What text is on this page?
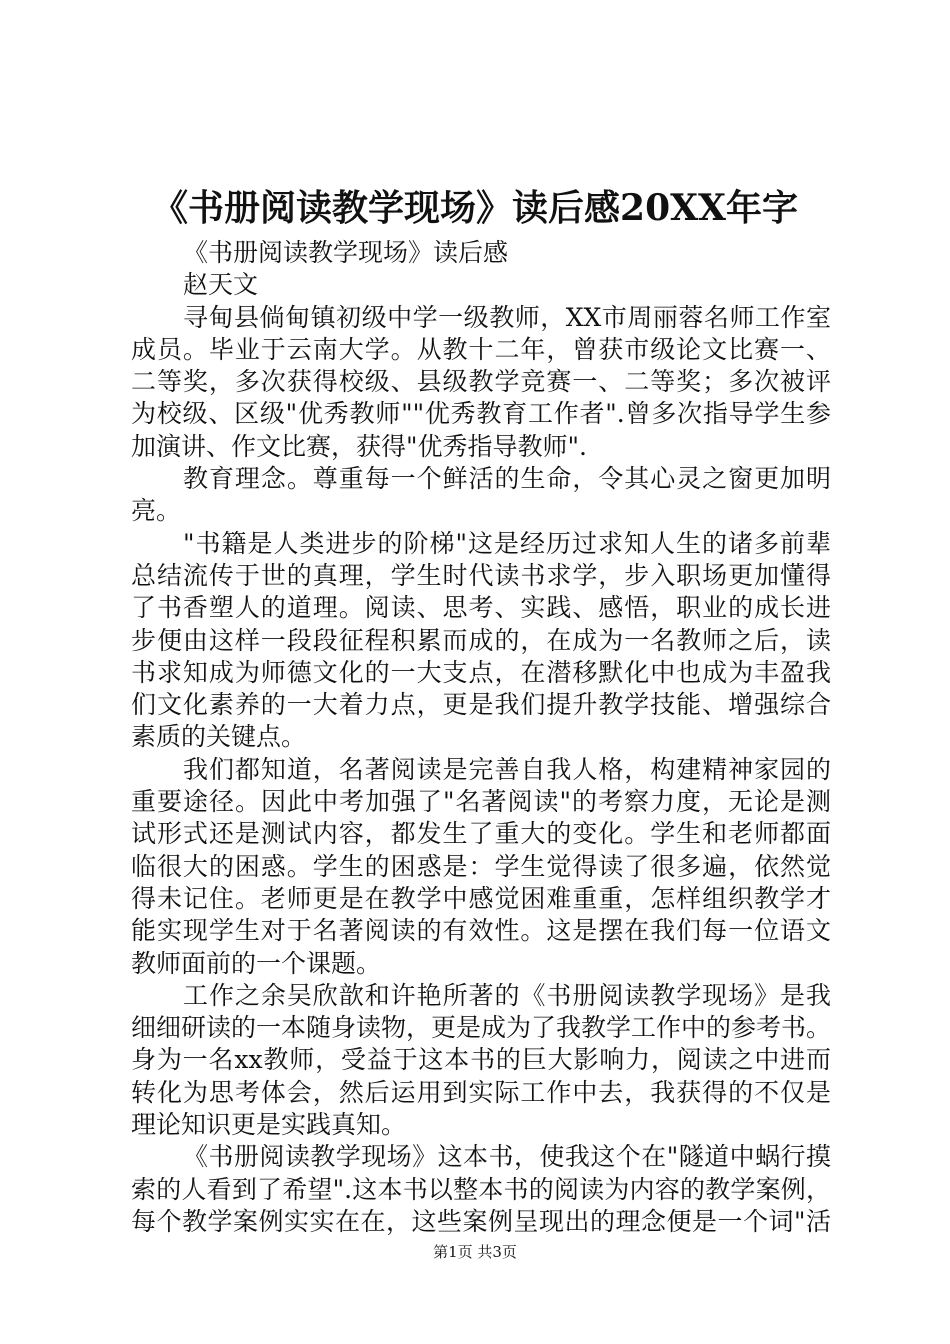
《书册阅读教学现场》读后感20XX年字
《书册阅读教学现场》读后感
赵天文
寻甸县倘甸镇初级中学一级教师，XX市周丽蓉名师工作室
成员。毕业于云南大学。从教十二年，曾获市级论文比赛一、
二等奖，多次获得校级、县级教学竞赛一、二等奖；多次被评
为校级、区级"优秀教师""优秀教育工作者".曾多次指导学生参
加演讲、作文比赛，获得"优秀指导教师".
教育理念。尊重每一个鲜活的生命，令其心灵之窗更加明
亮。
"书籍是人类进步的阶梯"这是经历过求知人生的诸多前辈
总结流传于世的真理，学生时代读书求学，步入职场更加懂得
了书香塑人的道理。阅读、思考、实践、感悟，职业的成长进
步便由这样一段段征程积累而成的，在成为一名教师之后，读
书求知成为师德文化的一大支点，在潜移默化中也成为丰盈我
们文化素养的一大着力点，更是我们提升教学技能、增强综合
素质的关键点。
我们都知道，名著阅读是完善自我人格，构建精神家园的
重要途径。因此中考加强了"名著阅读"的考察力度，无论是测
试形式还是测试内容，都发生了重大的变化。学生和老师都面
临很大的困惑。学生的困惑是：学生觉得读了很多遍，依然觉
得未记住。老师更是在教学中感觉困难重重，怎样组织教学才
能实现学生对于名著阅读的有效性。这是摆在我们每一位语文
教师面前的一个课题。
工作之余吴欣歆和许艳所著的《书册阅读教学现场》是我
细细研读的一本随身读物，更是成为了我教学工作中的参考书。
身为一名xx教师，受益于这本书的巨大影响力，阅读之中进而
转化为思考体会，然后运用到实际工作中去，我获得的不仅是
理论知识更是实践真知。
《书册阅读教学现场》这本书，使我这个在"隧道中蜗行摸
索的人看到了希望".这本书以整本书的阅读为内容的教学案例，
每个教学案例实实在在，这些案例呈现出的理念便是一个词"活
第1页 共3页
